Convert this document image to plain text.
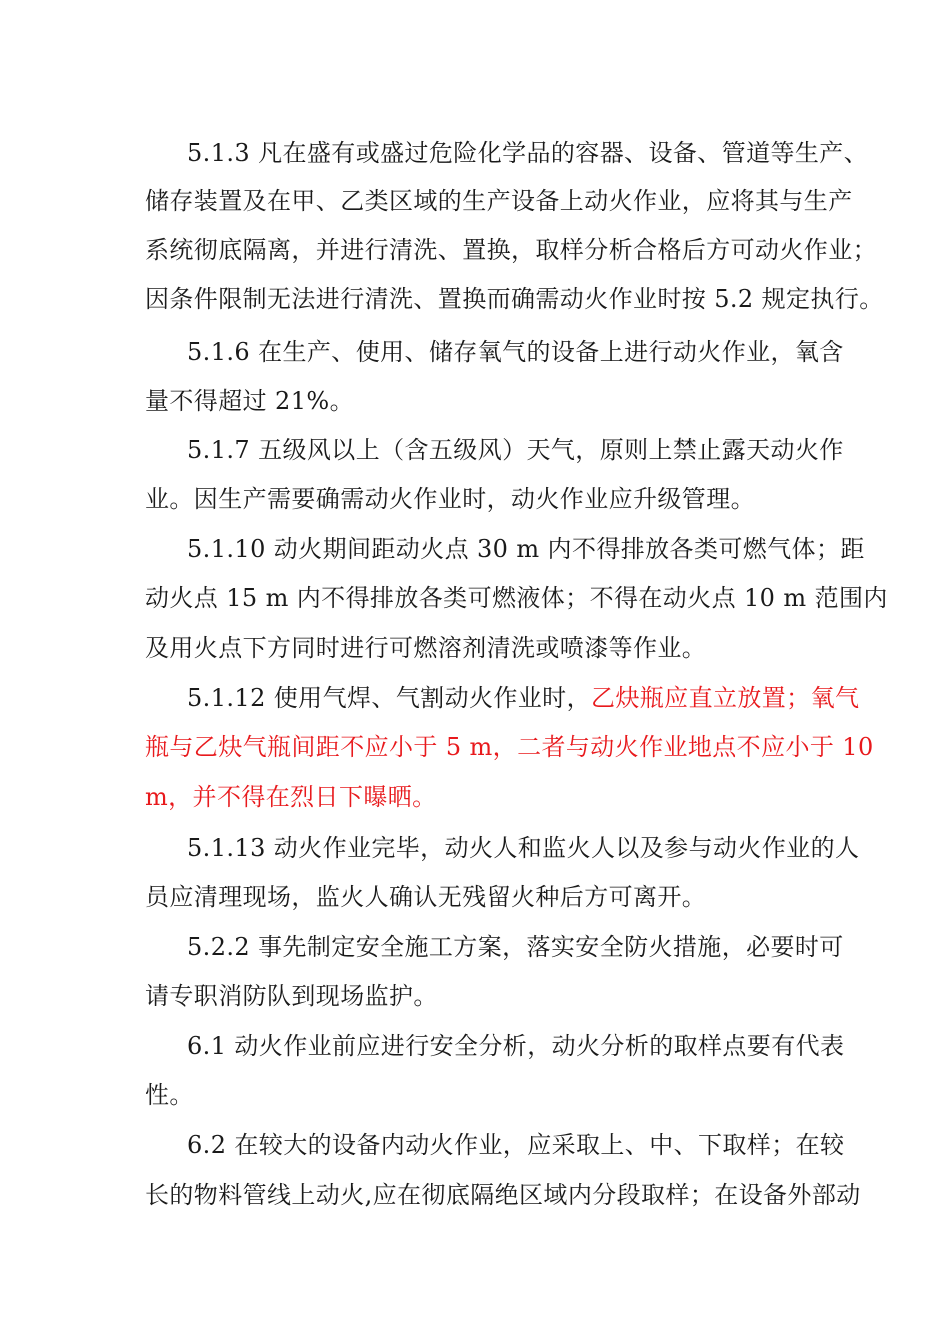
5.1.3 凡在盛有或盛过危险化学品的容器、设备、管道等生产、
储存装置及在甲、乙类区域的生产设备上动火作业，应将其与生产
系统彻底隔离，并进行清洗、置换，取样分析合格后方可动火作业；
因条件限制无法进行清洗、置换而确需动火作业时按 5.2 规定执行。
5.1.6 在生产、使用、储存氧气的设备上进行动火作业，氧含
量不得超过 21%。
5.1.7 五级风以上（含五级风）天气，原则上禁止露天动火作
业。因生产需要确需动火作业时，动火作业应升级管理。
5.1.10 动火期间距动火点 30 m 内不得排放各类可燃气体；距
动火点 15 m 内不得排放各类可燃液体；不得在动火点 10 m 范围内
及用火点下方同时进行可燃溶剂清洗或喷漆等作业。
5.1.12 使用气焊、气割动火作业时，乙炔瓶应直立放置；氧气
瓶与乙炔气瓶间距不应小于 5 m，二者与动火作业地点不应小于 10
m，并不得在烈日下曝晒。
5.1.13 动火作业完毕，动火人和监火人以及参与动火作业的人
员应清理现场，监火人确认无残留火种后方可离开。
5.2.2 事先制定安全施工方案，落实安全防火措施，必要时可
请专职消防队到现场监护。
6.1 动火作业前应进行安全分析，动火分析的取样点要有代表
性。
6.2 在较大的设备内动火作业，应采取上、中、下取样；在较
长的物料管线上动火,应在彻底隔绝区域内分段取样；在设备外部动
